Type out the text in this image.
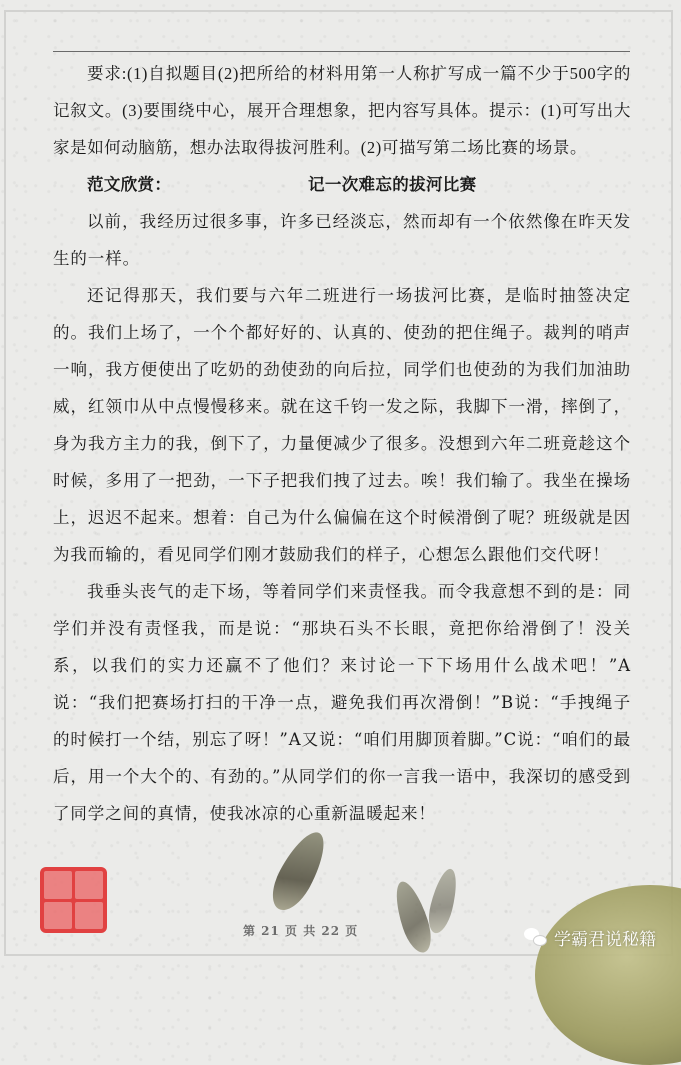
要求:(1)自拟题目(2)把所给的材料用第一人称扩写成一篇不少于500字的记叙文。(3)要围绕中心，展开合理想象，把内容写具体。提示：(1)可写出大家是如何动脑筋，想办法取得拔河胜利。(2)可描写第二场比赛的场景。

范文欣赏：	记一次难忘的拔河比赛

以前，我经历过很多事，许多已经淡忘，然而却有一个依然像在昨天发生的一样。

还记得那天，我们要与六年二班进行一场拔河比赛，是临时抽签决定的。我们上场了，一个个都好好的、认真的、使劲的把住绳子。裁判的哨声一响，我方便使出了吃奶的劲使劲的向后拉，同学们也使劲的为我们加油助威，红领巾从中点慢慢移来。就在这千钧一发之际，我脚下一滑，摔倒了，身为我方主力的我，倒下了，力量便减少了很多。没想到六年二班竟趁这个时候，多用了一把劲，一下子把我们拽了过去。唉！我们输了。我坐在操场上，迟迟不起来。想着：自己为什么偏偏在这个时候滑倒了呢？班级就是因为我而输的，看见同学们刚才鼓励我们的样子，心想怎么跟他们交代呀！

我垂头丧气的走下场，等着同学们来责怪我。而令我意想不到的是：同学们并没有责怪我，而是说：“那块石头不长眼，竟把你给滑倒了！没关系，以我们的实力还赢不了他们？来讨论一下下场用什么战术吧！”A说：“我们把赛场打扫的干净一点，避免我们再次滑倒！”B说：“手拽绳子的时候打一个结，别忘了呀！”A又说：“咱们用脚顶着脚。”C说：“咱们的最后，用一个大个的、有劲的。”从同学们的你一言我一语中，我深切的感受到了同学之间的真情，使我冰凉的心重新温暖起来！

第 21 页 共 22 页	学霸君说秘籍
